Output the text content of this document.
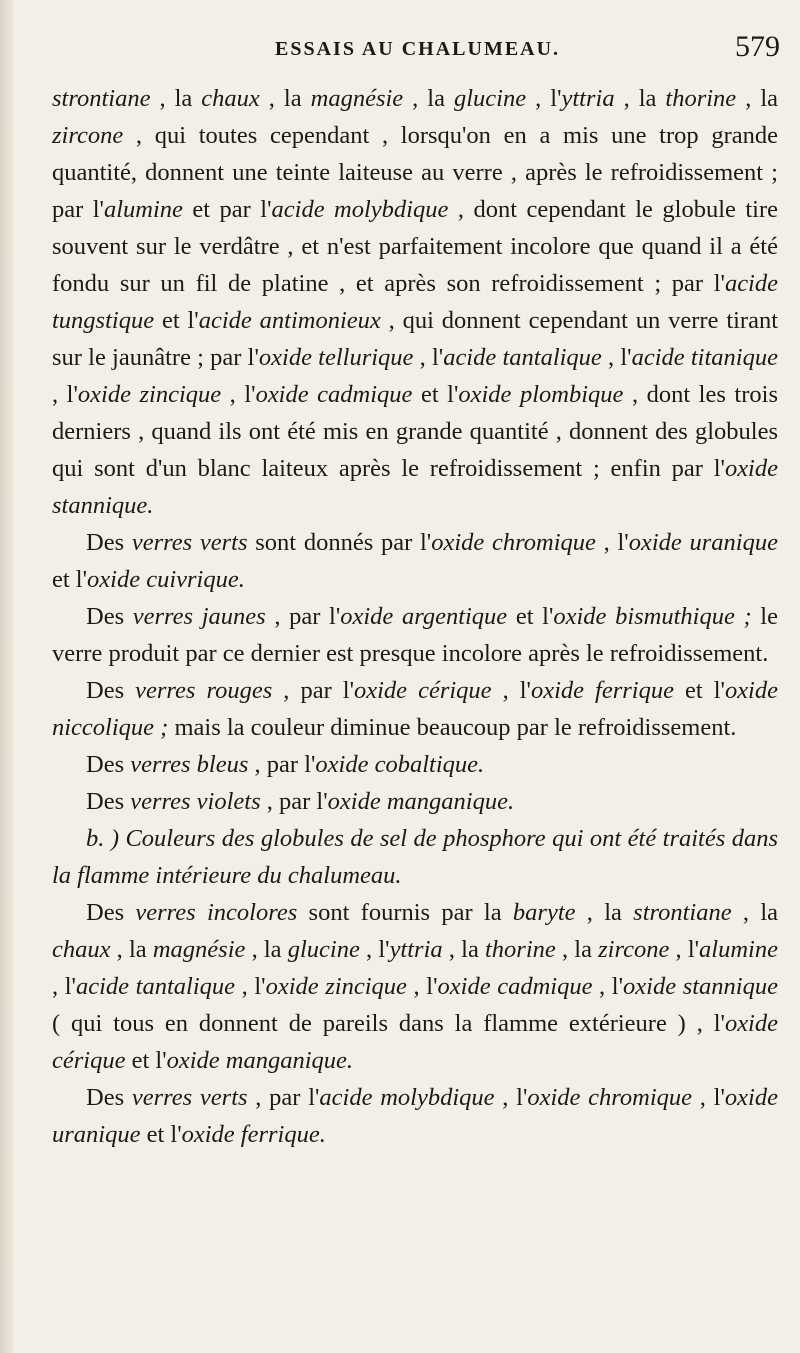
ESSAIS AU CHALUMEAU.	579

strontiane , la chaux , la magnésie , la glucine , l'yttria , la thorine , la zircone , qui toutes cependant , lorsqu'on en a mis une trop grande quantité, donnent une teinte laiteuse au verre , après le refroidissement ; par l'alumine et par l'acide molybdique , dont cependant le globule tire souvent sur le verdâtre , et n'est parfaitement incolore que quand il a été fondu sur un fil de platine , et après son refroidissement ; par l'acide tungstique et l'acide antimonieux , qui donnent cependant un verre tirant sur le jaunâtre ; par l'oxide tellurique , l'acide tantalique , l'acide titanique , l'oxide zincique , l'oxide cadmique et l'oxide plombique , dont les trois derniers , quand ils ont été mis en grande quantité , donnent des globules qui sont d'un blanc laiteux après le refroidissement ; enfin par l'oxide stannique.

Des verres verts sont donnés par l'oxide chromique , l'oxide uranique et l'oxide cuivrique.

Des verres jaunes , par l'oxide argentique et l'oxide bismuthique ; le verre produit par ce dernier est presque incolore après le refroidissement.

Des verres rouges , par l'oxide cérique , l'oxide ferrique et l'oxide niccolique ; mais la couleur diminue beaucoup par le refroidissement.

Des verres bleus , par l'oxide cobaltique.

Des verres violets , par l'oxide manganique.

b. ) Couleurs des globules de sel de phosphore qui ont été traités dans la flamme intérieure du chalumeau.

Des verres incolores sont fournis par la baryte , la strontiane , la chaux , la magnésie , la glucine , l'yttria , la thorine , la zircone , l'alumine , l'acide tantalique , l'oxide zincique , l'oxide cadmique , l'oxide stannique ( qui tous en donnent de pareils dans la flamme extérieure ) , l'oxide cérique et l'oxide manganique.

Des verres verts , par l'acide molybdique , l'oxide chromique , l'oxide uranique et l'oxide ferrique.
